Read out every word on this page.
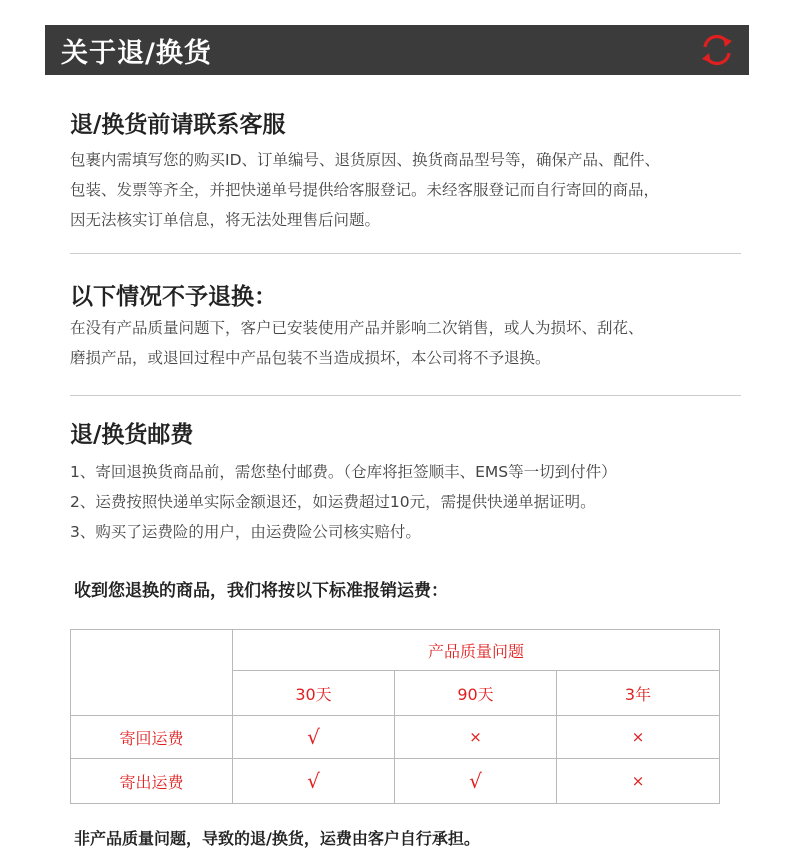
关于退/换货
退/换货前请联系客服

包裹内需填写您的购买ID、订单编号、退货原因、换货商品型号等，确保产品、配件、

包装、发票等齐全，并把快递单号提供给客服登记。未经客服登记而自行寄回的商品，

因无法核实订单信息，将无法处理售后问题。

以下情况不予退换：

在没有产品质量问题下，客户已安装使用产品并影响二次销售，或人为损坏、刮花、

磨损产品，或退回过程中产品包装不当造成损坏，本公司将不予退换。

退/换货邮费

1、寄回退换货商品前，需您垫付邮费。（仓库将拒签顺丰、EMS等一切到付件）

2、运费按照快递单实际金额退还，如运费超过10元，需提供快递单据证明。

3、购买了运费险的用户，由运费险公司核实赔付。

收到您退换的商品，我们将按以下标准报销运费：
	产品质量问题		
	30天	90天	3年
寄回运费	√	×	×
寄出运费	√	√	×
非产品质量问题，导致的退/换货，运费由客户自行承担。
